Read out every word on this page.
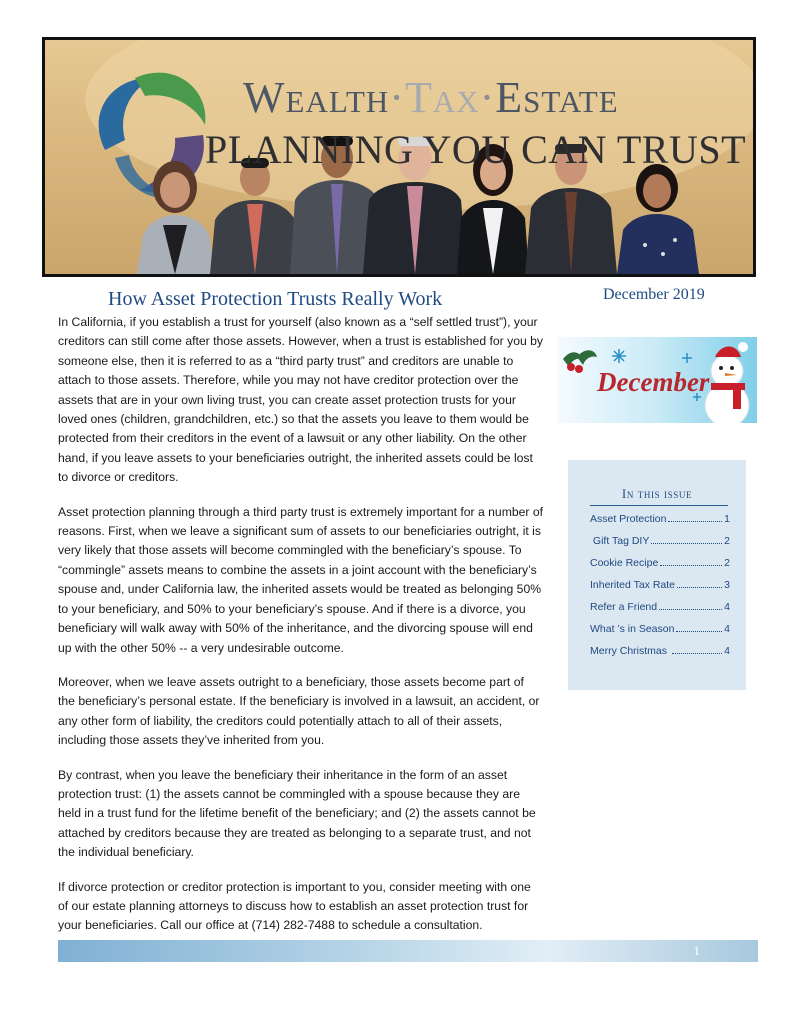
Wealth·Tax·Estate
PLANNING YOU CAN TRUST
How Asset Protection Trusts Really Work	December 2019

In California, if you establish a trust for yourself (also known as a “self settled trust”), your creditors can still come after those assets. However, when a trust is established for you by someone else, then it is referred to as a “third party trust” and creditors are unable to attach to those assets. Therefore, while you may not have creditor protection over the assets that are in your own living trust, you can create asset protection trusts for your loved ones (children, grandchildren, etc.) so that the assets you leave to them would be protected from their creditors in the event of a lawsuit or any other liability. On the other hand, if you leave assets to your beneficiaries outright, the inherited assets could be lost to divorce or creditors.

Asset protection planning through a third party trust is extremely important for a number of reasons. First, when we leave a significant sum of assets to our beneficiaries outright, it is very likely that those assets will become commingled with the beneficiary’s spouse. To “commingle” assets means to combine the assets in a joint account with the beneficiary’s spouse and, under California law, the inherited assets would be treated as belonging 50% to your beneficiary, and 50% to your beneficiary’s spouse. And if there is a divorce, you beneficiary will walk away with 50% of the inheritance, and the divorcing spouse will end up with the other 50% -- a very undesirable outcome.

Moreover, when we leave assets outright to a beneficiary, those assets become part of the beneficiary’s personal estate. If the beneficiary is involved in a lawsuit, an accident, or any other form of liability, the creditors could potentially attach to all of their assets, including those assets they’ve inherited from you.

By contrast, when you leave the beneficiary their inheritance in the form of an asset protection trust: (1) the assets cannot be commingled with a spouse because they are held in a trust fund for the lifetime benefit of the beneficiary; and (2) the assets cannot be attached by creditors because they are treated as belonging to a separate trust, and not the individual beneficiary.

If divorce protection or creditor protection is important to you, consider meeting with one of our estate planning attorneys to discuss how to establish an asset protection trust for your beneficiaries. Call our office at (714) 282-7488 to schedule a consultation.

December
In this issue
Asset Protection	1
Gift Tag DIY	2
Cookie Recipe	2
Inherited Tax Rate	3
Refer a Friend	4
What ’s in Season	4
Merry Christmas	4
1
